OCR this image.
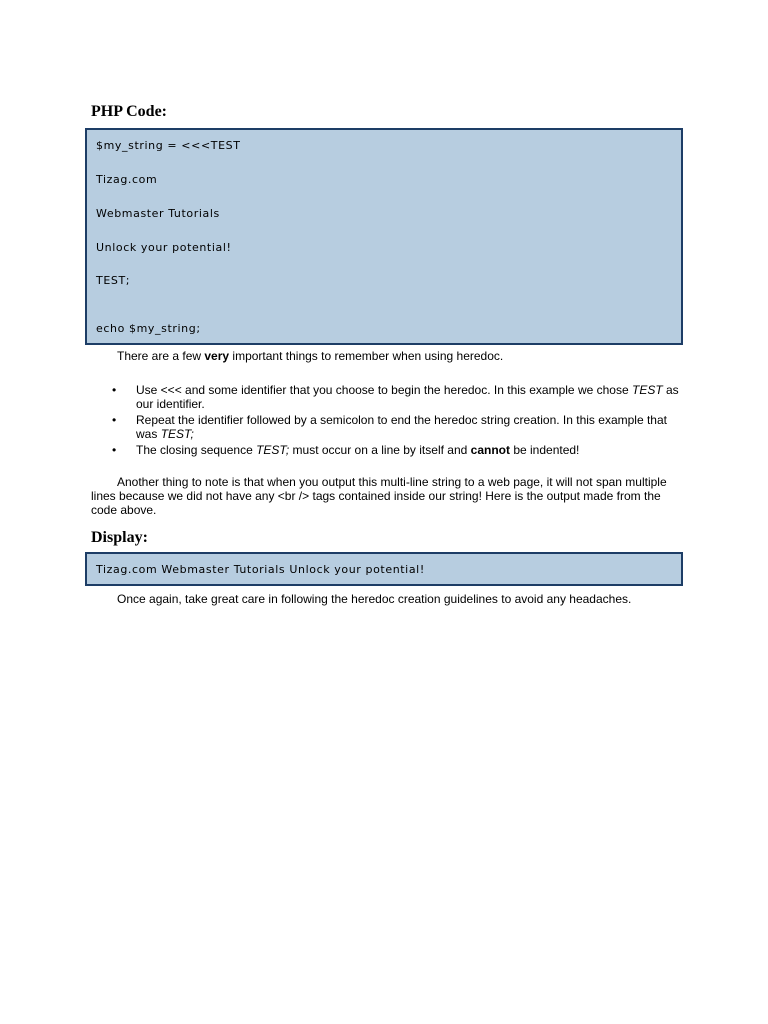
PHP Code:
$my_string = <<<TEST
Tizag.com
Webmaster Tutorials
Unlock your potential!
TEST;
echo $my_string;
There are a few very important things to remember when using heredoc.
• Use <<< and some identifier that you choose to begin the heredoc. In this example we chose TEST as our identifier.
• Repeat the identifier followed by a semicolon to end the heredoc string creation. In this example that was TEST;
• The closing sequence TEST; must occur on a line by itself and cannot be indented!
Another thing to note is that when you output this multi-line string to a web page, it will not span multiple lines because we did not have any <br /> tags contained inside our string! Here is the output made from the code above.
Display:
Tizag.com Webmaster Tutorials Unlock your potential!
Once again, take great care in following the heredoc creation guidelines to avoid any headaches.
